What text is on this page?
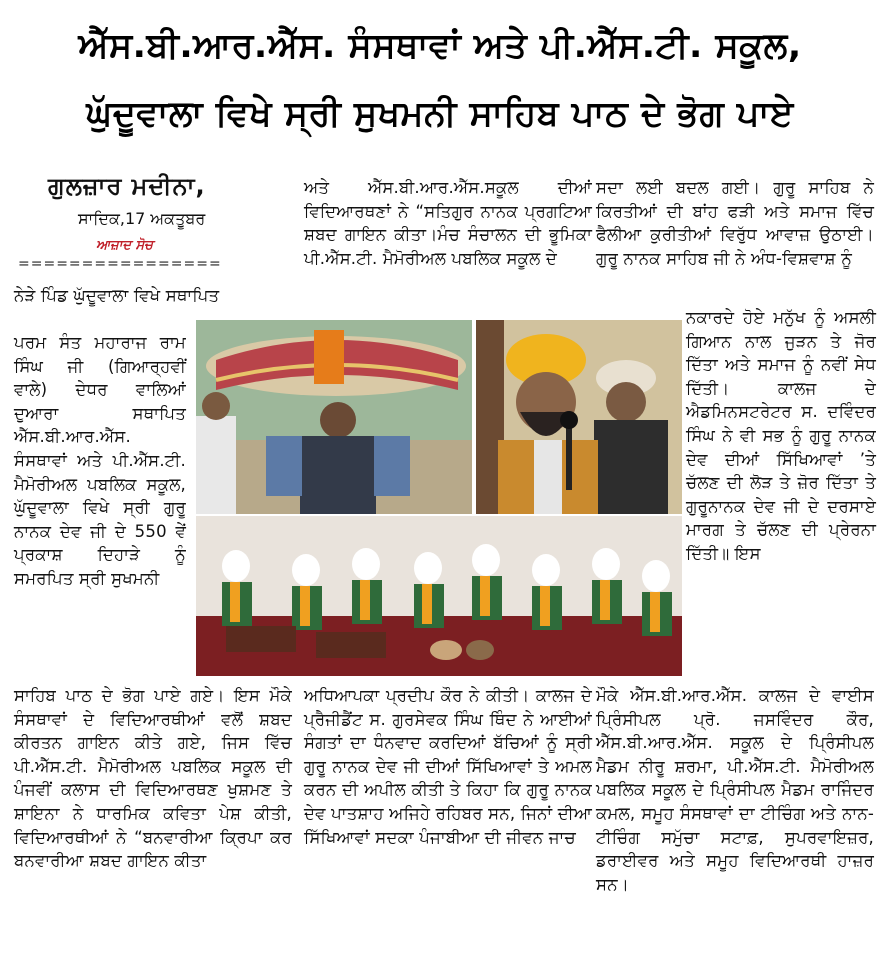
ਐੱਸ.ਬੀ.ਆਰ.ਐੱਸ. ਸੰਸਥਾਵਾਂ ਅਤੇ ਪੀ.ਐੱਸ.ਟੀ. ਸਕੂਲ,
ਘੁੱਦੂਵਾਲਾ ਵਿਖੇ ਸ੍ਰੀ ਸੁਖਮਨੀ ਸਾਹਿਬ ਪਾਠ ਦੇ ਭੋਗ ਪਾਏ
ਗੁਲਜ਼ਾਰ ਮਦੀਨਾ,
ਸਾਦਿਕ,17 ਅਕਤੂਬਰ
ਆਜ਼ਾਦ ਸੋਚ
================

ਨੇੜੇ ਪਿੰਡ ਘੁੱਦੂਵਾਲਾ ਵਿਖੇ ਸਥਾਪਿਤ

ਪਰਮ ਸੰਤ ਮਹਾਰਾਜ ਰਾਮ ਸਿੰਘ ਜੀ (ਗਿਆਰ੍ਹਵੀਂ ਵਾਲੇ) ਦੇਧਰ ਵਾਲਿਆਂ ਦੁਆਰਾ ਸਥਾਪਿਤ ਐੱਸ.ਬੀ.ਆਰ.ਐੱਸ. ਸੰਸਥਾਵਾਂ ਅਤੇ ਪੀ.ਐੱਸ.ਟੀ. ਮੈਮੋਰੀਅਲ ਪਬਲਿਕ ਸਕੂਲ, ਘੁੱਦੂਵਾਲਾ ਵਿਖੇ ਸ੍ਰੀ ਗੁਰੂ ਨਾਨਕ ਦੇਵ ਜੀ ਦੇ 550 ਵੇਂ ਪ੍ਰਕਾਸ਼ ਦਿਹਾੜੇ ਨੂੰ ਸਮਰਪਿਤ ਸ੍ਰੀ ਸੁਖਮਨੀ

ਸਾਹਿਬ ਪਾਠ ਦੇ ਭੋਗ ਪਾਏ ਗਏ। ਇਸ ਮੌਕੇ ਸੰਸਥਾਵਾਂ ਦੇ ਵਿਦਿਆਰਥੀਆਂ ਵਲੋਂ ਸ਼ਬਦ ਕੀਰਤਨ ਗਾਇਨ ਕੀਤੇ ਗਏ, ਜਿਸ ਵਿੱਚ ਪੀ.ਐੱਸ.ਟੀ. ਮੈਮੋਰੀਅਲ ਪਬਲਿਕ ਸਕੂਲ ਦੀ ਪੰਜਵੀਂ ਕਲਾਸ ਦੀ ਵਿਦਿਆਰਥਣ ਖੁਸ਼ਮਣ ਤੇ ਸ਼ਾਇਨਾ ਨੇ ਧਾਰਮਿਕ ਕਵਿਤਾ ਪੇਸ਼ ਕੀਤੀ, ਵਿਦਿਆਰਥੀਆਂ ਨੇ “ਬਨਵਾਰੀਆ ਕ੍ਰਿਪਾ ਕਰ ਬਨਵਾਰੀਆ ਸ਼ਬਦ ਗਾਇਨ ਕੀਤਾ

ਅਤੇ ਐੱਸ.ਬੀ.ਆਰ.ਐੱਸ.ਸਕੂਲ ਦੀਆਂ ਵਿਦਿਆਰਥਣਾਂ ਨੇ “ਸਤਿਗੁਰ ਨਾਨਕ ਪ੍ਰਗਟਿਆ ਸ਼ਬਦ ਗਾਇਨ ਕੀਤਾ।ਮੰਚ ਸੰਚਾਲਨ ਦੀ ਭੂਮਿਕਾ ਪੀ.ਐੱਸ.ਟੀ. ਮੈਮੋਰੀਅਲ ਪਬਲਿਕ ਸਕੂਲ ਦੇ

ਅਧਿਆਪਕਾ ਪ੍ਰਦੀਪ ਕੌਰ ਨੇ ਕੀਤੀ। ਕਾਲਜ ਦੇ ਪ੍ਰੈਜੀਡੈਂਟ ਸ. ਗੁਰਸੇਵਕ ਸਿੰਘ ਥਿੰਦ ਨੇ ਆਈਆਂ ਸੰਗਤਾਂ ਦਾ ਧੰਨਵਾਦ ਕਰਦਿਆਂ ਬੱਚਿਆਂ ਨੂੰ ਸ੍ਰੀ ਗੁਰੂ ਨਾਨਕ ਦੇਵ ਜੀ ਦੀਆਂ ਸਿੱਖਿਆਵਾਂ ਤੇ ਅਮਲ ਕਰਨ ਦੀ ਅਪੀਲ ਕੀਤੀ ਤੇ ਕਿਹਾ ਕਿ ਗੁਰੂ ਨਾਨਕ ਦੇਵ ਪਾਤਸ਼ਾਹ ਅਜਿਹੇ ਰਹਿਬਰ ਸਨ, ਜਿਨਾਂ ਦੀਆ ਸਿੱਖਿਆਵਾਂ ਸਦਕਾ ਪੰਜਾਬੀਆ ਦੀ ਜੀਵਨ ਜਾਚ

ਸਦਾ ਲਈ ਬਦਲ ਗਈ। ਗੁਰੂ ਸਾਹਿਬ ਨੇ ਕਿਰਤੀਆਂ ਦੀ ਬਾਂਹ ਫੜੀ ਅਤੇ ਸਮਾਜ ਵਿੱਚ ਫੈਲੀਆ ਕੁਰੀਤੀਆਂ ਵਿਰੁੱਧ ਆਵਾਜ਼ ਉਠਾਈ। ਗੁਰੂ ਨਾਨਕ ਸਾਹਿਬ ਜੀ ਨੇ ਅੰਧ-ਵਿਸ਼ਵਾਸ਼ ਨੂੰ

ਨਕਾਰਦੇ ਹੋਏ ਮਨੁੱਖ ਨੂੰ ਅਸਲੀ ਗਿਆਨ ਨਾਲ ਜੁੜਨ ਤੇ ਜੋਰ ਦਿੱਤਾ ਅਤੇ ਸਮਾਜ ਨੂੰ ਨਵੀਂ ਸੇਧ ਦਿੱਤੀ। ਕਾਲਜ ਦੇ ਐਡਮਿਨਸਟਰੇਟਰ ਸ. ਦਵਿੰਦਰ ਸਿੰਘ ਨੇ ਵੀ ਸਭ ਨੂੰ ਗੁਰੂ ਨਾਨਕ ਦੇਵ ਦੀਆਂ ਸਿੱਖਿਆਵਾਂ ’ਤੇ ਚੱਲਣ ਦੀ ਲੋੜ ਤੇ ਜ਼ੋਰ ਦਿੱਤਾ ਤੇ ਗੁਰੂਨਾਨਕ ਦੇਵ ਜੀ ਦੇ ਦਰਸਾਏ ਮਾਰਗ ਤੇ ਚੱਲਣ ਦੀ ਪ੍ਰੇਰਨਾ ਦਿੱਤੀ॥ ਇਸ

ਮੌਕੇ ਐੱਸ.ਬੀ.ਆਰ.ਐੱਸ. ਕਾਲਜ ਦੇ ਵਾਈਸ ਪ੍ਰਿੰਸੀਪਲ ਪ੍ਰੋ. ਜਸਵਿੰਦਰ ਕੌਰ, ਐੱਸ.ਬੀ.ਆਰ.ਐੱਸ. ਸਕੂਲ ਦੇ ਪ੍ਰਿੰਸੀਪਲ ਮੈਡਮ ਨੀਰੂ ਸ਼ਰਮਾ, ਪੀ.ਐੱਸ.ਟੀ. ਮੈਮੋਰੀਅਲ ਪਬਲਿਕ ਸਕੂਲ ਦੇ ਪ੍ਰਿੰਸੀਪਲ ਮੈਡਮ ਰਾਜਿੰਦਰ ਕਮਲ, ਸਮੂਹ ਸੰਸਥਾਵਾਂ ਦਾ ਟੀਚਿੰਗ ਅਤੇ ਨਾਨ-ਟੀਚਿੰਗ ਸਮੁੱਚਾ ਸਟਾਫ਼, ਸੁਪਰਵਾਇਜ਼ਰ, ਡਰਾਈਵਰ ਅਤੇ ਸਮੂਹ ਵਿਦਿਆਰਥੀ ਹਾਜ਼ਰ ਸਨ।
